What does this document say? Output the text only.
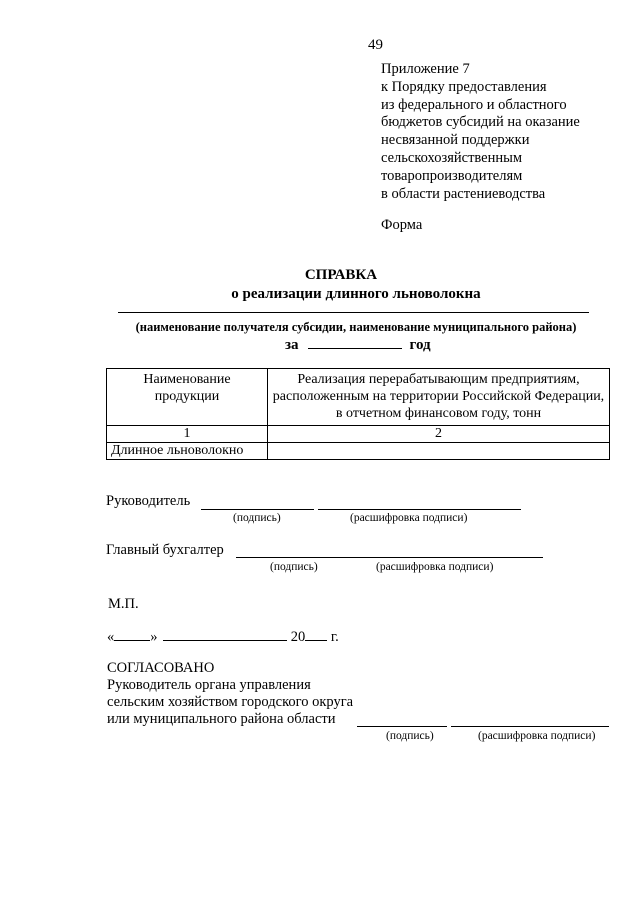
49
Приложение 7
к Порядку предоставления
из федерального и областного
бюджетов субсидий на оказание
несвязанной поддержки
сельскохозяйственным
товаропроизводителям
в области растениеводства
Форма
СПРАВКА
о реализации длинного льноволокна
(наименование получателя субсидии, наименование муниципального района)
за	год
Наименование продукции	Реализация перерабатывающим предприятиям, расположенным на территории Российской Федерации, в отчетном финансовом году, тонн
1	2
Длинное льноволокно	
Руководитель
(подпись)	(расшифровка подписи)
Главный бухгалтер
(подпись)	(расшифровка подписи)
М.П.
« »	20 г.
СОГЛАСОВАНО
Руководитель органа управления
сельским хозяйством городского округа
или муниципального района области
(подпись)	(расшифровка подписи)
